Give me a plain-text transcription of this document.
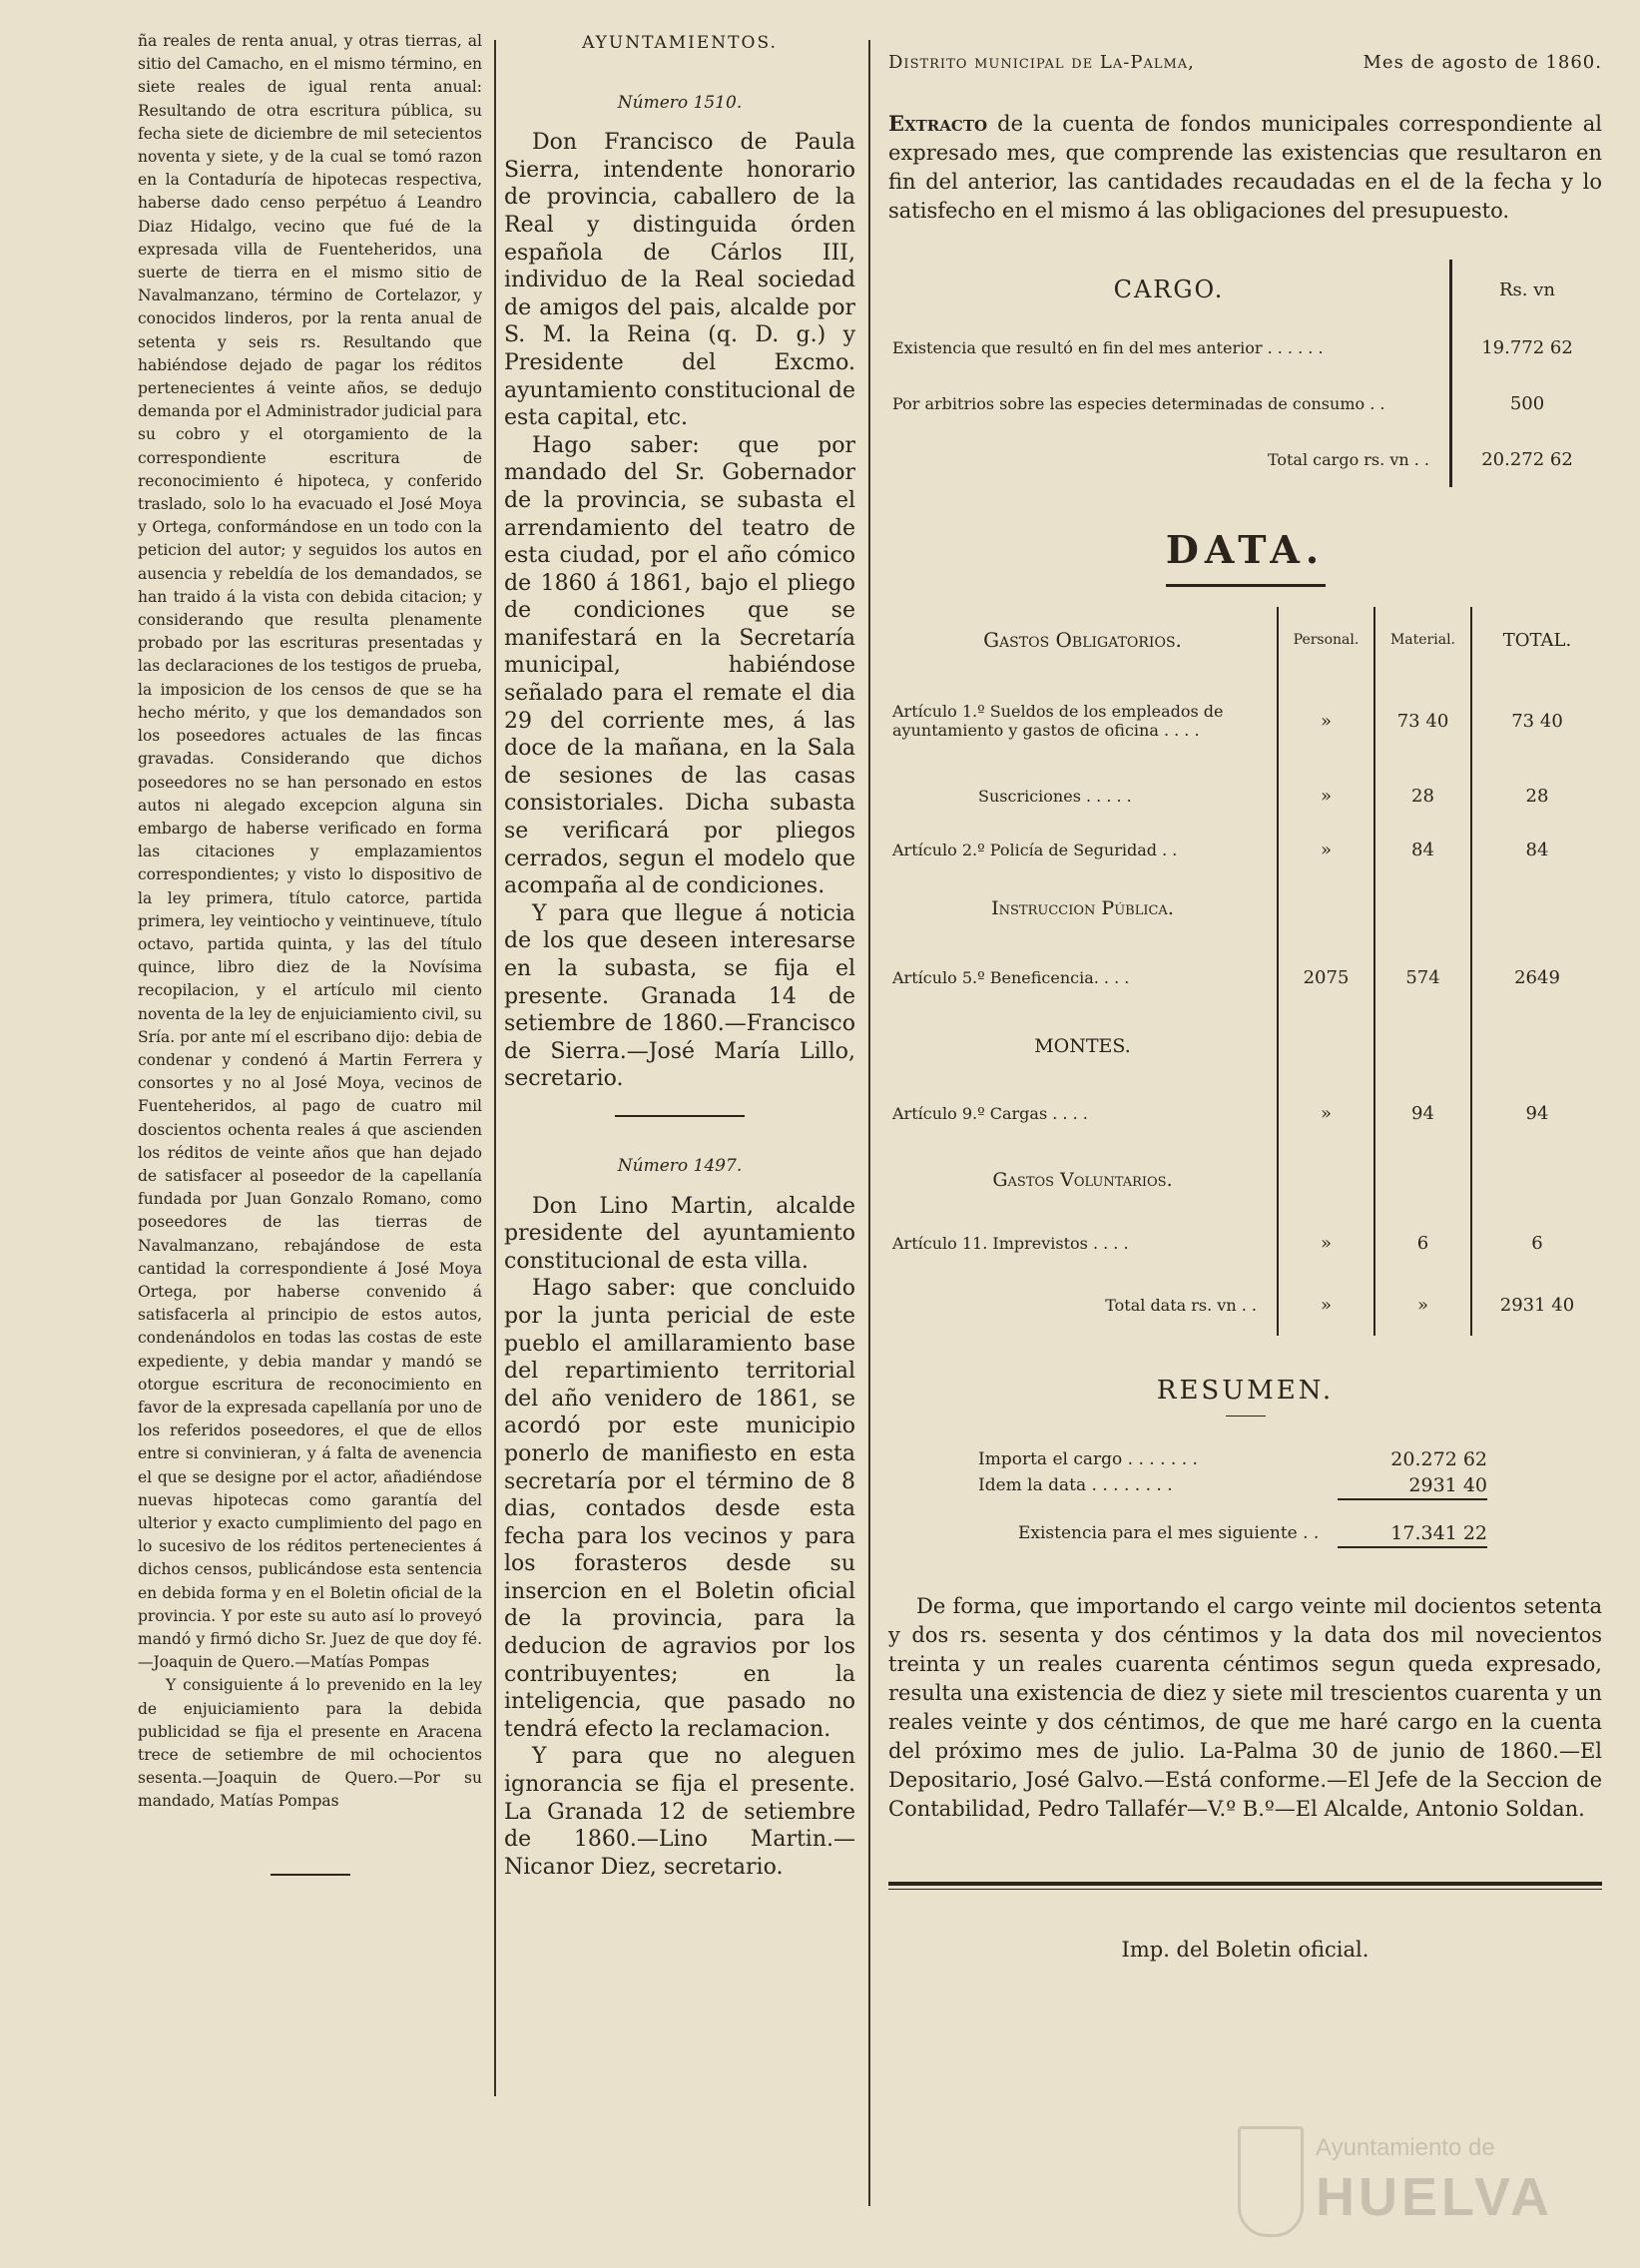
ña reales de renta anual, y otras tierras, al sitio del Camacho, en el mismo término, en siete reales de igual renta anual: Resultando de otra escritura pública, su fecha siete de diciembre de mil setecientos noventa y siete, y de la cual se tomó razon en la Contaduría de hipotecas respectiva, haberse dado censo perpétuo á Leandro Diaz Hidalgo, vecino que fué de la expresada villa de Fuenteheridos, una suerte de tierra en el mismo sitio de Navalmanzano, término de Cortelazor, y conocidos linderos, por la renta anual de setenta y seis rs. Resultando que habiéndose dejado de pagar los réditos pertenecientes á veinte años, se dedujo demanda por el Administrador judicial para su cobro y el otorgamiento de la correspondiente escritura de reconocimiento é hipoteca, y conferido traslado, solo lo ha evacuado el José Moya y Ortega, conformándose en un todo con la peticion del autor; y seguidos los autos en ausencia y rebeldía de los demandados, se han traido á la vista con debida citacion; y considerando que resulta plenamente probado por las escrituras presentadas y las declaraciones de los testigos de prueba, la imposicion de los censos de que se ha hecho mérito, y que los demandados son los poseedores actuales de las fincas gravadas. Considerando que dichos poseedores no se han personado en estos autos ni alegado excepcion alguna sin embargo de haberse verificado en forma las citaciones y emplazamientos correspondientes; y visto lo dispositivo de la ley primera, título catorce, partida primera, ley veintiocho y veintinueve, título octavo, partida quinta, y las del título quince, libro diez de la Novísima recopilacion, y el artículo mil ciento noventa de la ley de enjuiciamiento civil, su Sría. por ante mí el escribano dijo: debia de condenar y condenó á Martin Ferrera y consortes y no al José Moya, vecinos de Fuenteheridos, al pago de cuatro mil doscientos ochenta reales á que ascienden los réditos de veinte años que han dejado de satisfacer al poseedor de la capellanía fundada por Juan Gonzalo Romano, como poseedores de las tierras de Navalmanzano, rebajándose de esta cantidad la correspondiente á José Moya Ortega, por haberse convenido á satisfacerla al principio de estos autos, condenándolos en todas las costas de este expediente, y debia mandar y mandó se otorgue escritura de reconocimiento en favor de la expresada capellanía por uno de los referidos poseedores, el que de ellos entre si convinieran, y á falta de avenencia el que se designe por el actor, añadiéndose nuevas hipotecas como garantía del ulterior y exacto cumplimiento del pago en lo sucesivo de los réditos pertenecientes á dichos censos, publicándose esta sentencia en debida forma y en el Boletin oficial de la provincia. Y por este su auto así lo proveyó mandó y firmó dicho Sr. Juez de que doy fé.—Joaquin de Quero.—Matías Pompas

Y consiguiente á lo prevenido en la ley de enjuiciamiento para la debida publicidad se fija el presente en Aracena trece de setiembre de mil ochocientos sesenta.—Joaquin de Quero.—Por su mandado, Matías Pompas

AYUNTAMIENTOS.
Número 1510.

Don Francisco de Paula Sierra, intendente honorario de provincia, caballero de la Real y distinguida órden española de Cárlos III, individuo de la Real sociedad de amigos del pais, alcalde por S. M. la Reina (q. D. g.) y Presidente del Excmo. ayuntamiento constitucional de esta capital, etc.

Hago saber: que por mandado del Sr. Gobernador de la provincia, se subasta el arrendamiento del teatro de esta ciudad, por el año cómico de 1860 á 1861, bajo el pliego de condiciones que se manifestará en la Secretaría municipal, habiéndose señalado para el remate el dia 29 del corriente mes, á las doce de la mañana, en la Sala de sesiones de las casas consistoriales. Dicha subasta se verificará por pliegos cerrados, segun el modelo que acompaña al de condiciones.

Y para que llegue á noticia de los que deseen interesarse en la subasta, se fija el presente. Granada 14 de setiembre de 1860.—Francisco de Sierra.—José María Lillo, secretario.

Número 1497.

Don Lino Martin, alcalde presidente del ayuntamiento constitucional de esta villa.

Hago saber: que concluido por la junta pericial de este pueblo el amillaramiento base del repartimiento territorial del año venidero de 1861, se acordó por este municipio ponerlo de manifiesto en esta secretaría por el término de 8 dias, contados desde esta fecha para los vecinos y para los forasteros desde su insercion en el Boletin oficial de la provincia, para la deducion de agravios por los contribuyentes; en la inteligencia, que pasado no tendrá efecto la reclamacion.

Y para que no aleguen ignorancia se fija el presente. La Granada 12 de setiembre de 1860.—Lino Martin.—Nicanor Diez, secretario.

Distrito municipal de La-Palma,	Mes de agosto de 1860.

Extracto de la cuenta de fondos municipales correspondiente al expresado mes, que comprende las existencias que resultaron en fin del anterior, las cantidades recaudadas en el de la fecha y lo satisfecho en el mismo á las obligaciones del presupuesto.

CARGO.	Rs. vn
Existencia que resultó en fin del mes anterior . . . . . .	19.772 62
Por arbitrios sobre las especies determinadas de consumo . .	500
Total cargo rs. vn . .	20.272 62
DATA.
Gastos Obligatorios.	Personal.	Material.	TOTAL.
Artículo 1.º Sueldos de los empleados de ayuntamiento y gastos de oficina . . . .	»	73 40	73 40
Suscriciones . . . . .	»	28	28
Artículo 2.º Policía de Seguridad . .	»	84	84
Instruccion Pública.			
Artículo 5.º Beneficencia. . . .	2075	574	2649
MONTES.			
Artículo 9.º Cargas . . . .	»	94	94
Gastos Voluntarios.			
Artículo 11. Imprevistos . . . .	»	6	6
Total data rs. vn . .	»	»	2931 40
RESUMEN.
Importa el cargo . . . . . . .	20.272 62
Idem la data . . . . . . . .	2931 40
Existencia para el mes siguiente . .	17.341 22

De forma, que importando el cargo veinte mil docientos setenta y dos rs. sesenta y dos céntimos y la data dos mil novecientos treinta y un reales cuarenta céntimos segun queda expresado, resulta una existencia de diez y siete mil trescientos cuarenta y un reales veinte y dos céntimos, de que me haré cargo en la cuenta del próximo mes de julio. La-Palma 30 de junio de 1860.—El Depositario, José Galvo.—Está conforme.—El Jefe de la Seccion de Contabilidad, Pedro Tallafér—V.º B.º—El Alcalde, Antonio Soldan.

Imp. del Boletin oficial.
Ayuntamiento de
HUELVA
